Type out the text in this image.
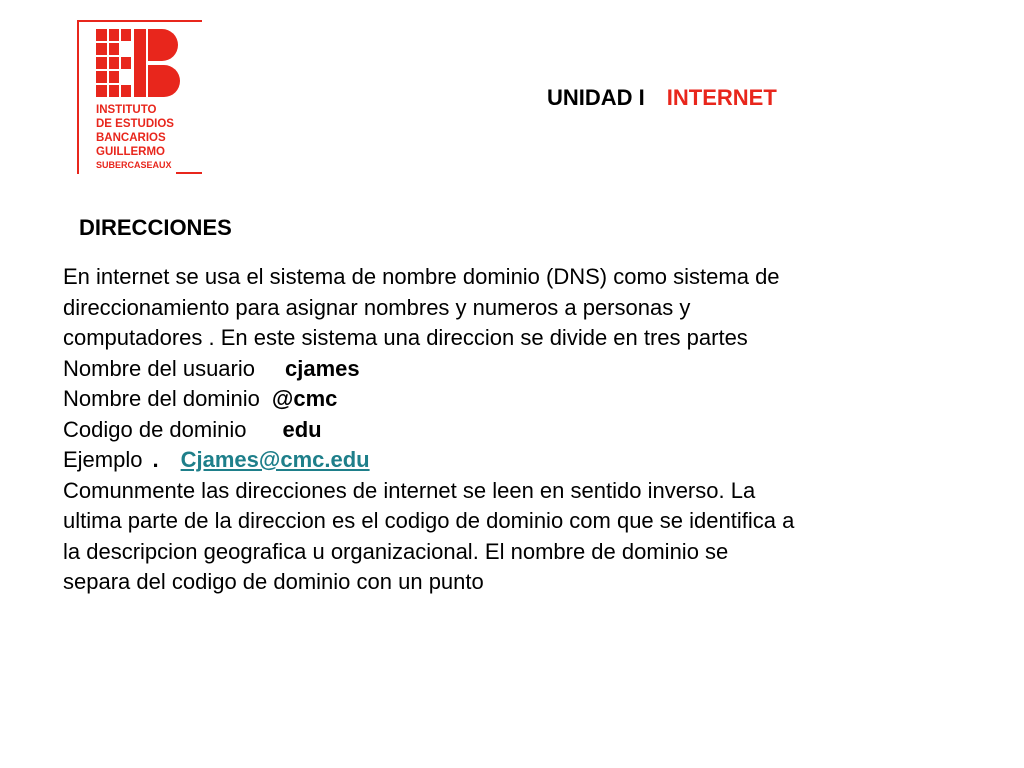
INSTITUTO
DE ESTUDIOS
BANCARIOS
GUILLERMO
SUBERCASEAUX
UNIDAD I INTERNET
DIRECCIONES
En internet se usa el sistema de nombre dominio (DNS) como sistema de
direccionamiento para asignar nombres y numeros a personas y
computadores . En este sistema una direccion se divide en tres partes
Nombre del usuario cjames
Nombre del dominio @cmc
Codigo de dominio edu
Ejemplo . Cjames@cmc.edu
Comunmente las direcciones de internet se leen en sentido inverso. La
ultima parte de la direccion es el codigo de dominio com que se identifica a
la descripcion geografica u organizacional. El nombre de dominio se
separa del codigo de dominio con un punto
